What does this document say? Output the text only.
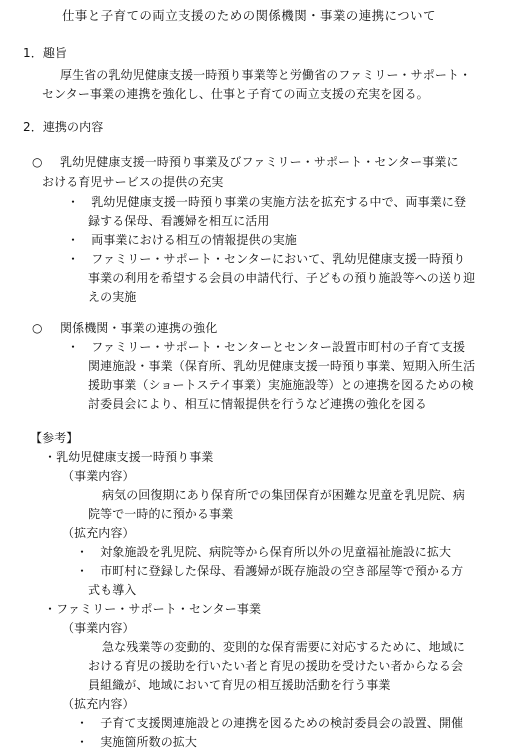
仕事と子育ての両立支援のための関係機関・事業の連携について
1．趣旨
厚生省の乳幼児健康支援一時預り事業等と労働省のファミリー・サポート・
センター事業の連携を強化し、仕事と子育ての両立支援の充実を図る。
2．連携の内容
○ 乳幼児健康支援一時預り事業及びファミリー・サポート・センター事業に
おける育児サービスの提供の充実
・　乳幼児健康支援一時預り事業の実施方法を拡充する中で、両事業に登
録する保母、看護婦を相互に活用
・　両事業における相互の情報提供の実施
・　ファミリー・サポート・センターにおいて、乳幼児健康支援一時預り
事業の利用を希望する会員の申請代行、子どもの預り施設等への送り迎
えの実施
○ 関係機関・事業の連携の強化
・　ファミリー・サポート・センターとセンター設置市町村の子育て支援
関連施設・事業（保育所、乳幼児健康支援一時預り事業、短期入所生活
援助事業（ショートステイ事業）実施施設等）との連携を図るための検
討委員会により、相互に情報提供を行うなど連携の強化を図る
【参考】
・乳幼児健康支援一時預り事業
（事業内容）
病気の回復期にあり保育所での集団保育が困難な児童を乳児院、病
院等で一時的に預かる事業
（拡充内容）
・　対象施設を乳児院、病院等から保育所以外の児童福祉施設に拡大
・　市町村に登録した保母、看護婦が既存施設の空き部屋等で預かる方
式も導入
・ファミリー・サポート・センター事業
（事業内容）
急な残業等の変動的、変則的な保育需要に対応するために、地域に
おける育児の援助を行いたい者と育児の援助を受けたい者からなる会
員組織が、地域において育児の相互援助活動を行う事業
（拡充内容）
・　子育て支援関連施設との連携を図るための検討委員会の設置、開催
・　実施箇所数の拡大
